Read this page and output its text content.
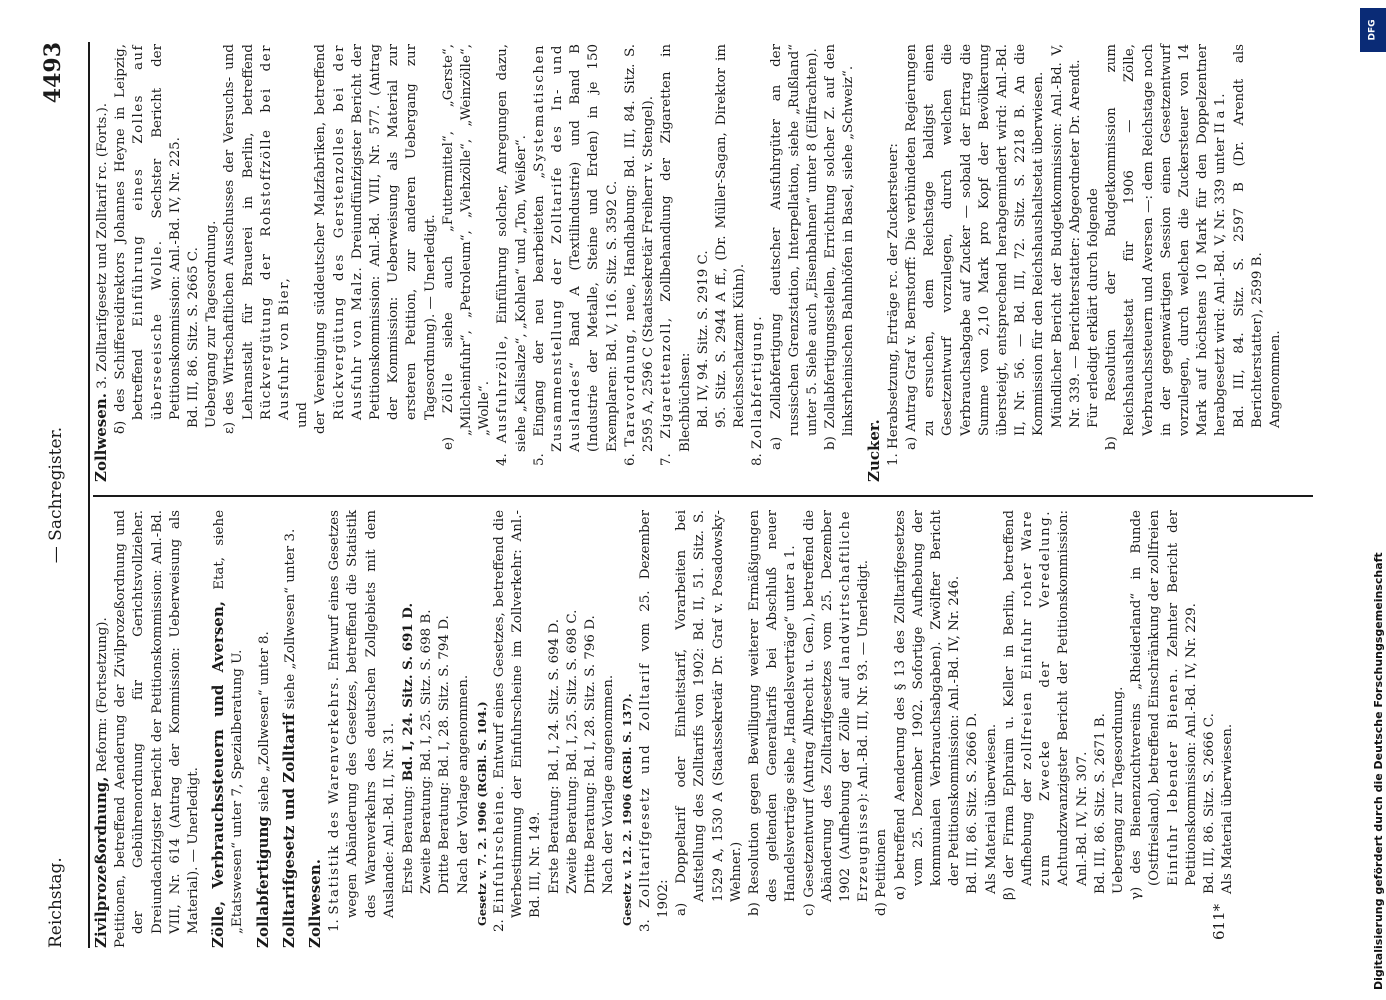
Reichstag.
— Sachregister.
4493
Zivilprozeßordnung, Reform: (Fortsetzung). Petitionen, betreffend Aenderung der Zivilprozeßordnung und der Gebührenordnung für Gerichtsvollzieher. Dreiundachtzigster Bericht der Petitionskommission: Anl.-Bd. VIII, Nr. 614 (Antrag der Kommission: Ueberweisung als Material). — Unerledigt. Zölle, Verbrauchssteuern und Aversen, Etat, siehe „Etatswesen“ unter 7, Spezialberatung U. Zollabfertigung siehe „Zollwesen“ unter 8. Zolltarifgesetz und Zolltarif siehe „Zollwesen“ unter 3.
Zollwesen. 1. Statistik des Warenverkehrs. Entwurf eines Gesetzes wegen Abänderung des Gesetzes, betreffend die Statistik des Warenverkehrs des deutschen Zollgebiets mit dem Auslande: Anl.-Bd. II, Nr. 31. Erste Beratung: Bd. I, 24. Sitz. S. 691 D. Zweite Beratung: Bd. I, 25. Sitz. S. 698 B. Dritte Beratung: Bd. I, 28. Sitz. S. 794 D. Nach der Vorlage angenommen. Gesetz v. 7. 2. 1906 (RGBl. S. 104.) 2. Einfuhrscheine. Entwurf eines Gesetzes, betreffend die Werbestimmung der Einfuhrscheine im Zollverkehr: Anl.-Bd. III, Nr. 149. Erste Beratung: Bd. I, 24. Sitz. S. 694 D. Zweite Beratung: Bd. I, 25. Sitz. S. 698 C. Dritte Beratung: Bd. I, 28. Sitz. S. 796 D. Nach der Vorlage angenommen. Gesetz v. 12. 2. 1906 (RGBl. S. 137). 3. Zolltarifgesetz und Zolltarif vom 25. Dezember 1902: a) Doppeltarif oder Einheitstarif, Vorarbeiten bei Aufstellung des Zolltarifs von 1902: Bd. II, 51. Sitz. S. 1529 A, 1530 A (Staatssekretär Dr. Graf v. Posadowsky-Wehner.) b) Resolution gegen Bewilligung weiterer Ermäßigungen des geltenden Generaltarifs bei Abschluß neuer Handelsverträge siehe „Handelsverträge“ unter a 1. c) Gesetzentwurf (Antrag Albrecht u. Gen.), betreffend die Abänderung des Zolltarifgesetzes vom 25. Dezember 1902 (Aufhebung der Zölle auf landwirtschaftliche Erzeugnisse): Anl.-Bd. III, Nr. 93. — Unerledigt.
d) Petitionen α) betreffend Aenderung des § 13 des Zolltarifgesetzes vom 25. Dezember 1902. Sofortige Aufhebung der kommunalen Verbrauchsabgaben). Zwölfter Bericht der Petitionskommission: Anl.-Bd. IV, Nr. 246. Bd. III, 86. Sitz. S. 2666 D. Als Material überwiesen. β) der Firma Ephraim u. Keller in Berlin, betreffend Aufhebung der zollfreien Einfuhr roher Ware zum Zwecke der Veredelung. Achtundzwanzigster Bericht der Petitionskommission: Anl.-Bd. IV, Nr. 307. Bd. III, 86. Sitz. S. 2671 B. Uebergang zur Tagesordnung. γ) des Bienenzuchtvereins „Rheiderland“ in Bunde (Ostfriesland), betreffend Einschränkung der zollfreien Einfuhr lebender Bienen. Zehnter Bericht der Petitionskommission: Anl.-Bd. IV, Nr. 229. Bd. III, 86. Sitz. S. 2666 C. Als Material überwiesen.
Zollwesen. 3. Zolltarifgesetz und Zolltarif rc. (Forts.). δ) des Schiffereidirektors Johannes Heyne in Leipzig, betreffend Einführung eines Zolles auf überseeische Wolle. Sechster Bericht der Petitionskommission: Anl.-Bd. IV, Nr. 225. Bd. III, 86. Sitz. S. 2665 C. Uebergang zur Tagesordnung. ε) des Wirtschaftlichen Ausschusses der Versuchs- und Lehranstalt für Brauerei in Berlin, betreffend Rückvergütung der Rohstoffzölle bei der Ausfuhr von Bier, und der Vereinigung süddeutscher Malzfabriken, betreffend Rückvergütung des Gerstenzolles bei der Ausfuhr von Malz. Dreiundfünfzigster Bericht der Petitionskommission: Anl.-Bd. VIII, Nr. 577. (Antrag der Kommission: Ueberweisung als Material zur ersteren Petition, zur anderen Uebergang zur Tagesordnung). — Unerledigt.
e) Zölle siehe auch „Futtermittel“, „Gerste“, „Milcheinfuhr“, „Petroleum“, „Viehzölle“, „Weinzölle“, „Wolle“.
4. Ausfuhrzölle, Einführung solcher, Anregungen dazu, siehe „Kalisalze“, „Kohlen“ und „Ton, Weißer“. 5. Eingang der neu bearbeiteten „Systematischen Zusammenstellung der Zolltarife des In- und Auslandes“ Band A (Textilindustrie) und Band B (Industrie der Metalle, Steine und Erden) in je 150 Exemplaren: Bd. V, 116. Sitz. S. 3592 C.
6. Taravordnung, neue, Handhabung: Bd. III, 84. Sitz. S. 2595 A, 2596 C (Staatssekretär Freiherr v. Stengel).
7. Zigarettenzoll, Zollbehandlung der Zigaretten in Blechbüchsen: Bd. IV, 94. Sitz. S. 2919 C. 95. Sitz. S. 2944 A ff., (Dr. Müller-Sagan, Direktor im Reichsschatzamt Kühn).
8. Zollabfertigung. a) Zollabfertigung deutscher Ausfuhrgüter an der russischen Grenzstation, Interpellation, siehe „Rußland“ unter 5. Siehe auch „Eisenbahnen“ unter 8 (Eilfrachten). b) Zollabfertigungsstellen, Errichtung solcher Z. auf den linksrheinischen Bahnhöfen in Basel, siehe „Schweiz“.
Zucker. 1. Herabsetzung, Erträge rc. der Zuckersteuer: a) Antrag Graf v. Bernstorff: Die verbündeten Regierungen zu ersuchen, dem Reichstage baldigst einen Gesetzentwurf vorzulegen, durch welchen die Verbrauchsabgabe auf Zucker — sobald der Ertrag die Summe von 2,10 Mark pro Kopf der Bevölkerung übersteigt, entsprechend herabgemindert wird: Anl.-Bd. II, Nr. 56. — Bd. III, 72. Sitz. S. 2218 B. An die Kommission für den Reichshaushaltsetat überwiesen. Mündlicher Bericht der Budgetkommission: Anl.-Bd. V, Nr. 339. — Berichterstatter: Abgeordneter Dr. Arendt. Für erledigt erklärt durch folgende b) Resolution der Budgetkommission zum Reichshaushaltsetat für 1906 — Zölle, Verbrauchssteuern und Aversen —: dem Reichstage noch in der gegenwärtigen Session einen Gesetzentwurf vorzulegen, durch welchen die Zuckersteuer von 14 Mark auf höchstens 10 Mark für den Doppelzentner herabgesetzt wird: Anl.-Bd. V, Nr. 339 unter II a 1. Bd. III, 84. Sitz. S. 2597 B (Dr. Arendt als Berichterstatter), 2599 B. Angenommen.
611*	Digitalisierung gefördert durch die Deutsche Forschungsgemeinschaft
DFG
